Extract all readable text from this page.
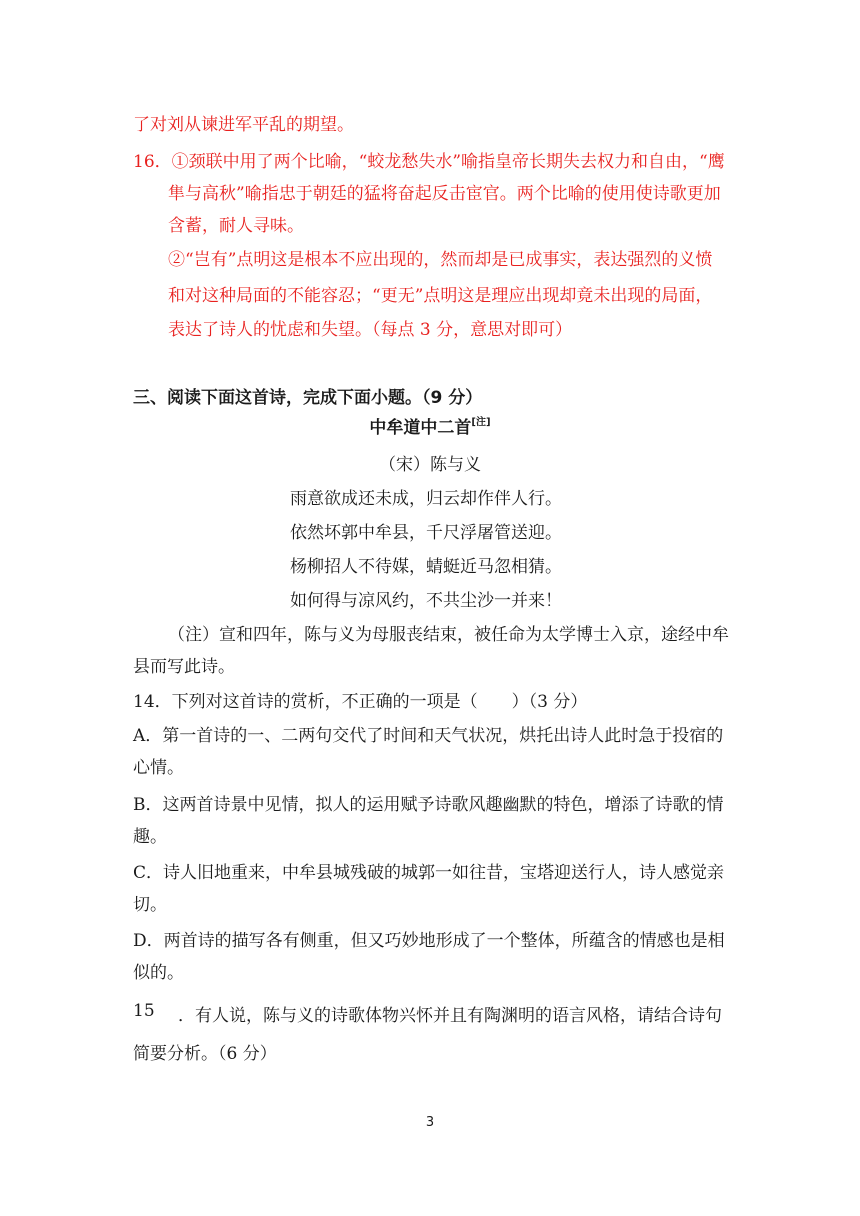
了对刘从谏进军平乱的期望。
16．①颈联中用了两个比喻，“蛟龙愁失水”喻指皇帝长期失去权力和自由，“鹰
隼与高秋”喻指忠于朝廷的猛将奋起反击宦官。两个比喻的使用使诗歌更加
含蓄，耐人寻味。
②“岂有”点明这是根本不应出现的，然而却是已成事实，表达强烈的义愤
和对这种局面的不能容忍；“更无”点明这是理应出现却竟未出现的局面，
表达了诗人的忧虑和失望。（每点 3 分，意思对即可）
三、阅读下面这首诗，完成下面小题。（9 分）
中牟道中二首[注]
（宋）陈与义
雨意欲成还未成，归云却作伴人行。
依然坏郭中牟县，千尺浮屠管送迎。
杨柳招人不待媒，蜻蜓近马忽相猜。
如何得与凉风约，不共尘沙一并来！
（注）宣和四年，陈与义为母服丧结束，被任命为太学博士入京，途经中牟
县而写此诗。
14．下列对这首诗的赏析，不正确的一项是（　　）（3 分）
A．第一首诗的一、二两句交代了时间和天气状况，烘托出诗人此时急于投宿的
心情。
B．这两首诗景中见情，拟人的运用赋予诗歌风趣幽默的特色，增添了诗歌的情
趣。
C．诗人旧地重来，中牟县城残破的城郭一如往昔，宝塔迎送行人，诗人感觉亲
切。
D．两首诗的描写各有侧重，但又巧妙地形成了一个整体，所蕴含的情感也是相
似的。
15 ．有人说，陈与义的诗歌体物兴怀并且有陶渊明的语言风格，请结合诗句
简要分析。（6 分）
3
